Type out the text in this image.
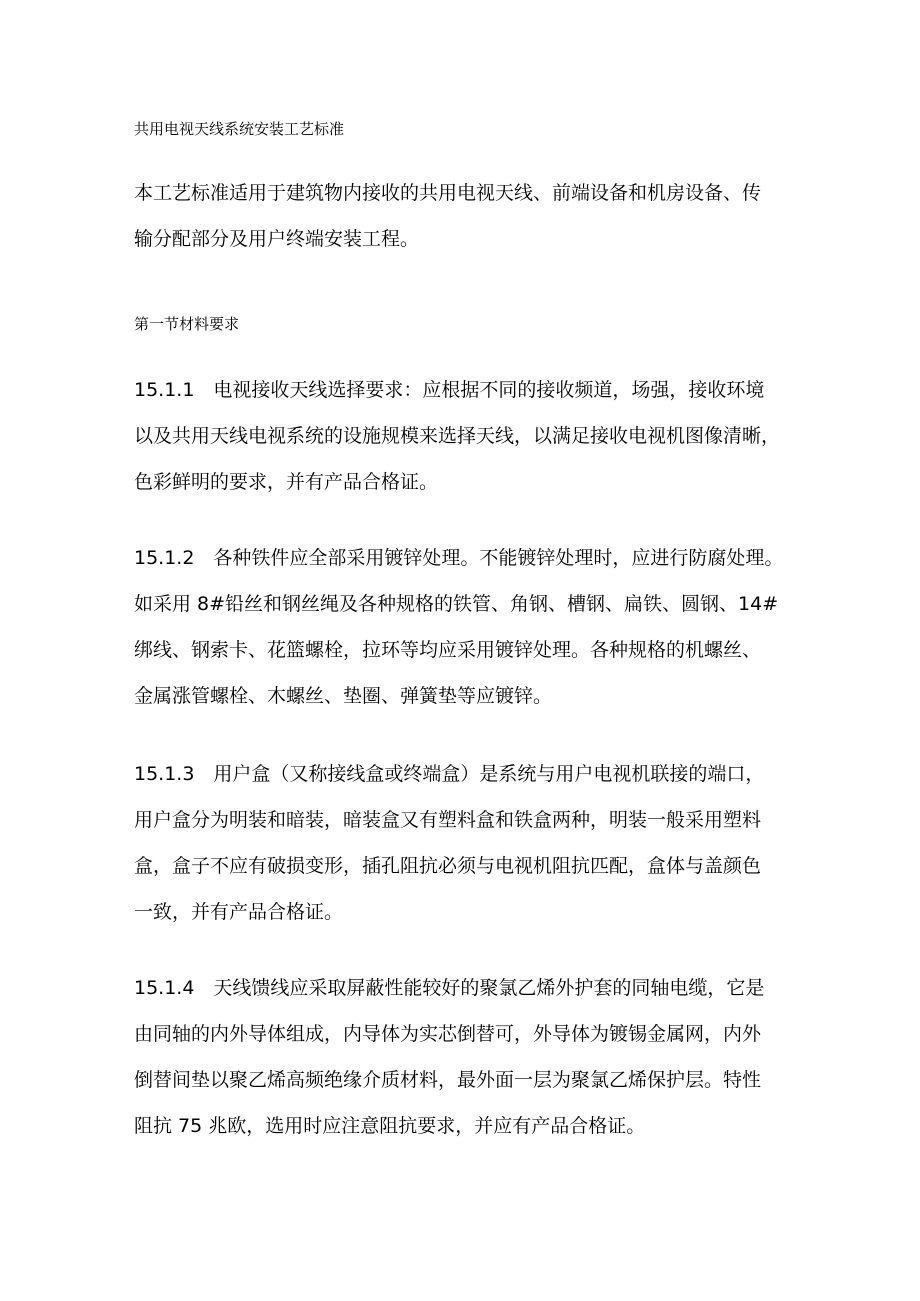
共用电视天线系统安装工艺标准
本工艺标准适用于建筑物内接收的共用电视天线、前端设备和机房设备、传
输分配部分及用户终端安装工程。
第一节材料要求
15.1.1　电视接收天线选择要求：应根据不同的接收频道，场强，接收环境
以及共用天线电视系统的设施规模来选择天线，以满足接收电视机图像清晰，
色彩鲜明的要求，并有产品合格证。
15.1.2　各种铁件应全部采用镀锌处理。不能镀锌处理时，应进行防腐处理。
如采用 8#铅丝和钢丝绳及各种规格的铁管、角钢、槽钢、扁铁、圆钢、14#
绑线、钢索卡、花篮螺栓，拉环等均应采用镀锌处理。各种规格的机螺丝、
金属涨管螺栓、木螺丝、垫圈、弹簧垫等应镀锌。
15.1.3　用户盒（又称接线盒或终端盒）是系统与用户电视机联接的端口，
用户盒分为明装和暗装，暗装盒又有塑料盒和铁盒两种，明装一般采用塑料
盒，盒子不应有破损变形，插孔阻抗必须与电视机阻抗匹配，盒体与盖颜色
一致，并有产品合格证。
15.1.4　天线馈线应采取屏蔽性能较好的聚氯乙烯外护套的同轴电缆，它是
由同轴的内外导体组成，内导体为实芯倒替可，外导体为镀锡金属网，内外
倒替间垫以聚乙烯高频绝缘介质材料，最外面一层为聚氯乙烯保护层。特性
阻抗 75 兆欧，选用时应注意阻抗要求，并应有产品合格证。
